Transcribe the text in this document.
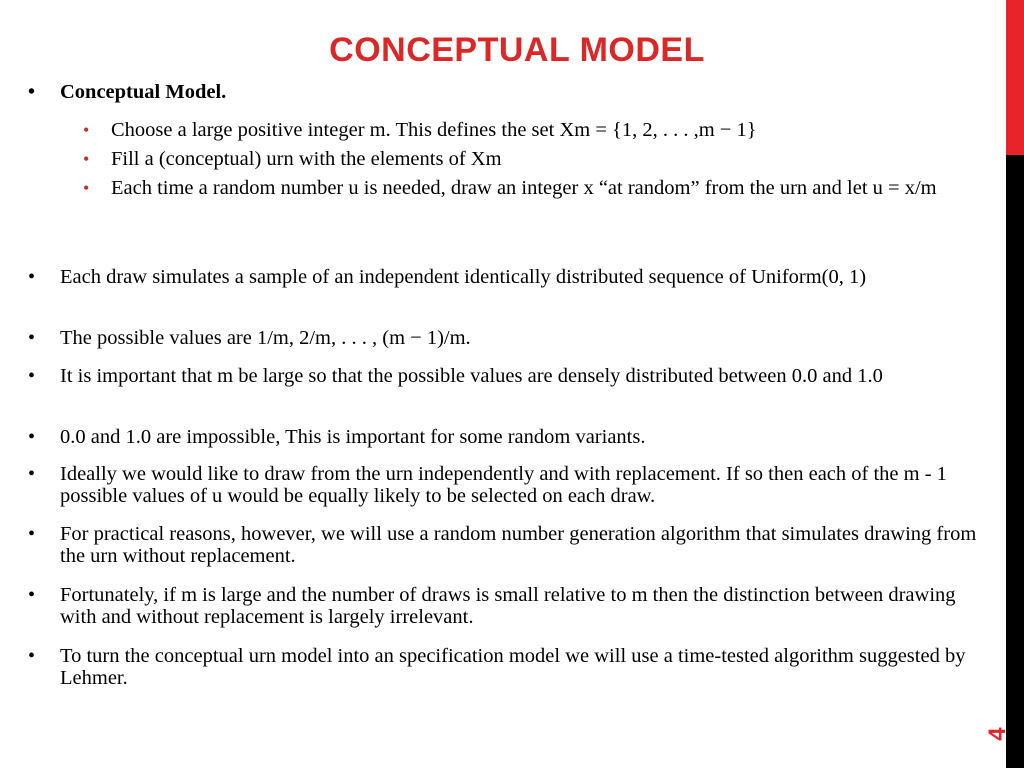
CONCEPTUAL MODEL
• Conceptual Model.
• Choose a large positive integer m. This defines the set Xm = {1, 2, . . . ,m − 1}
• Fill a (conceptual) urn with the elements of Xm
• Each time a random number u is needed, draw an integer x “at random” from the urn and let u = x/m
• Each draw simulates a sample of an independent identically distributed sequence of Uniform(0, 1)
• The possible values are 1/m, 2/m, . . . , (m − 1)/m.
• It is important that m be large so that the possible values are densely distributed between 0.0 and 1.0
• 0.0 and 1.0 are impossible, This is important for some random variants.
• Ideally we would like to draw from the urn independently and with replacement. If so then each of the m - 1 possible values of u would be equally likely to be selected on each draw.
• For practical reasons, however, we will use a random number generation algorithm that simulates drawing from the urn without replacement.
• Fortunately, if m is large and the number of draws is small relative to m then the distinction between drawing with and without replacement is largely irrelevant.
• To turn the conceptual urn model into an specification model we will use a time-tested algorithm suggested by Lehmer.
4
